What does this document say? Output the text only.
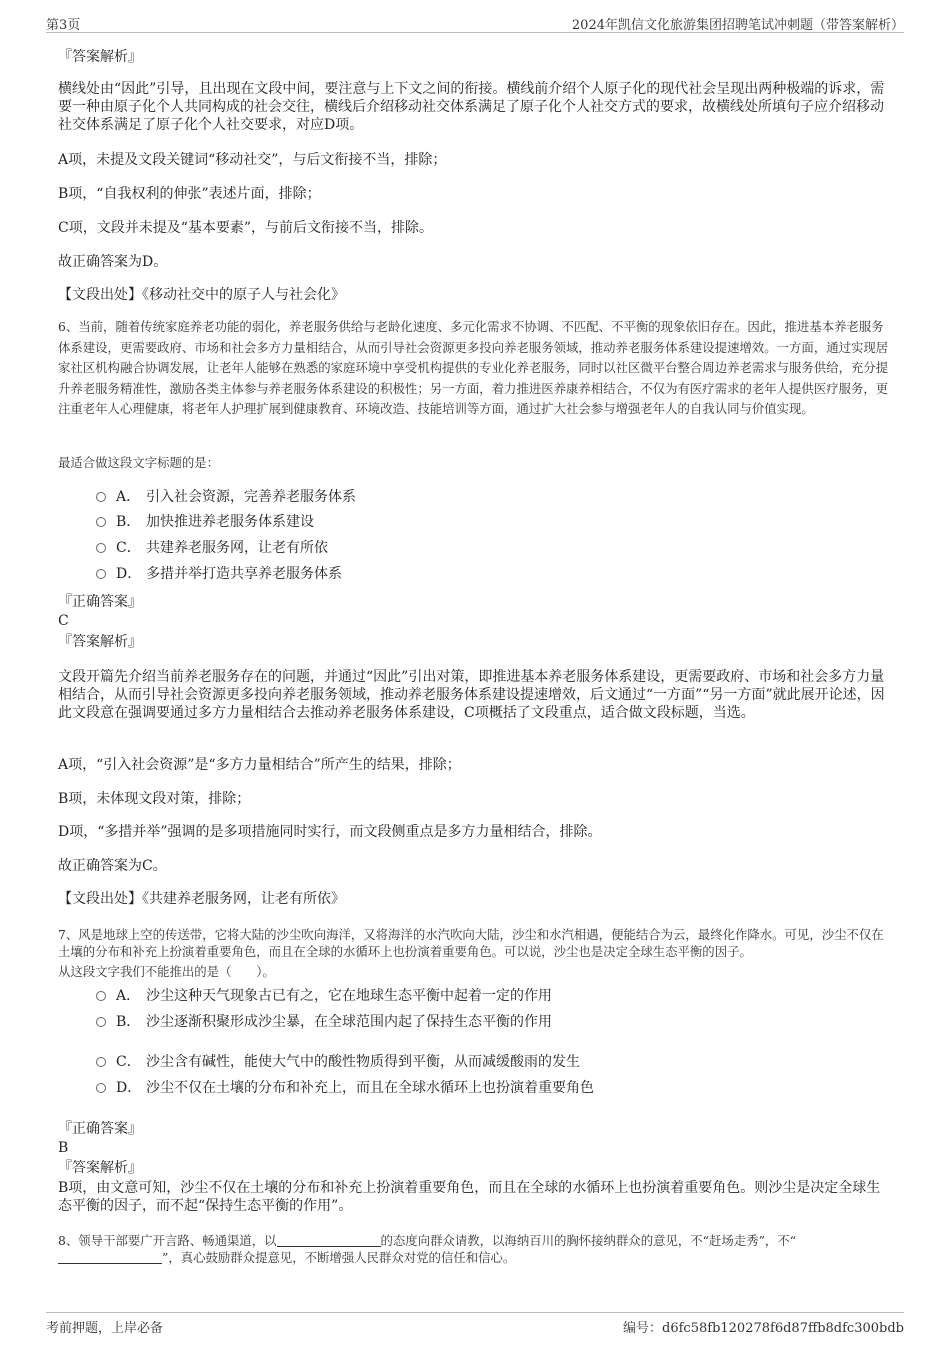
第3页	2024年凯信文化旅游集团招聘笔试冲刺题（带答案解析）
『答案解析』

横线处由“因此”引导，且出现在文段中间，要注意与上下文之间的衔接。横线前介绍个人原子化的现代社会呈现出两种极端的诉求，需要一种由原子化个人共同构成的社会交往，横线后介绍移动社交体系满足了原子化个人社交方式的要求，故横线处所填句子应介绍移动社交体系满足了原子化个人社交要求，对应D项。

A项，未提及文段关键词“移动社交”，与后文衔接不当，排除；
B项，“自我权利的伸张”表述片面，排除；
C项，文段并未提及“基本要素”，与前后文衔接不当，排除。
故正确答案为D。
【文段出处】《移动社交中的原子人与社会化》

6、当前，随着传统家庭养老功能的弱化，养老服务供给与老龄化速度、多元化需求不协调、不匹配、不平衡的现象依旧存在。因此，推进基本养老服务体系建设，更需要政府、市场和社会多方力量相结合，从而引导社会资源更多投向养老服务领域，推动养老服务体系建设提速增效。一方面，通过实现居家社区机构融合协调发展，让老年人能够在熟悉的家庭环境中享受机构提供的专业化养老服务，同时以社区微平台整合周边养老需求与服务供给，充分提升养老服务精准性，激励各类主体参与养老服务体系建设的积极性；另一方面，着力推进医养康养相结合，不仅为有医疗需求的老年人提供医疗服务，更注重老年人心理健康，将老年人护理扩展到健康教育、环境改造、技能培训等方面，通过扩大社会参与增强老年人的自我认同与价值实现。

最适合做这段文字标题的是：
A． 引入社会资源，完善养老服务体系
B． 加快推进养老服务体系建设
C． 共建养老服务网，让老有所依
D． 多措并举打造共享养老服务体系
『正确答案』
C
『答案解析』

文段开篇先介绍当前养老服务存在的问题，并通过“因此”引出对策，即推进基本养老服务体系建设，更需要政府、市场和社会多方力量相结合，从而引导社会资源更多投向养老服务领域，推动养老服务体系建设提速增效，后文通过“一方面”“另一方面”就此展开论述，因此文段意在强调要通过多方力量相结合去推动养老服务体系建设，C项概括了文段重点，适合做文段标题，当选。

A项，“引入社会资源”是“多方力量相结合”所产生的结果，排除；
B项，未体现文段对策，排除；
D项，“多措并举”强调的是多项措施同时实行，而文段侧重点是多方力量相结合，排除。
故正确答案为C。
【文段出处】《共建养老服务网，让老有所依》

7、风是地球上空的传送带，它将大陆的沙尘吹向海洋，又将海洋的水汽吹向大陆，沙尘和水汽相遇，便能结合为云，最终化作降水。可见，沙尘不仅在土壤的分布和补充上扮演着重要角色，而且在全球的水循环上也扮演着重要角色。可以说，沙尘也是决定全球生态平衡的因子。

从这段文字我们不能推出的是（　　）。
A． 沙尘这种天气现象古已有之，它在地球生态平衡中起着一定的作用
B． 沙尘逐渐积聚形成沙尘暴，在全球范围内起了保持生态平衡的作用
C． 沙尘含有碱性，能使大气中的酸性物质得到平衡，从而减缓酸雨的发生
D． 沙尘不仅在土壤的分布和补充上，而且在全球水循环上也扮演着重要角色
『正确答案』
B
『答案解析』

B项，由文意可知，沙尘不仅在土壤的分布和补充上扮演着重要角色，而且在全球的水循环上也扮演着重要角色。则沙尘是决定全球生态平衡的因子，而不起“保持生态平衡的作用”。

8、领导干部要广开言路、畅通渠道，以	的态度向群众请教，以海纳百川的胸怀接纳群众的意见，不“赶场走秀”，不“
”，真心鼓励群众提意见，不断增强人民群众对党的信任和信心。

考前押题，上岸必备	编号：d6fc58fb120278f6d87ffb8dfc300bdb
